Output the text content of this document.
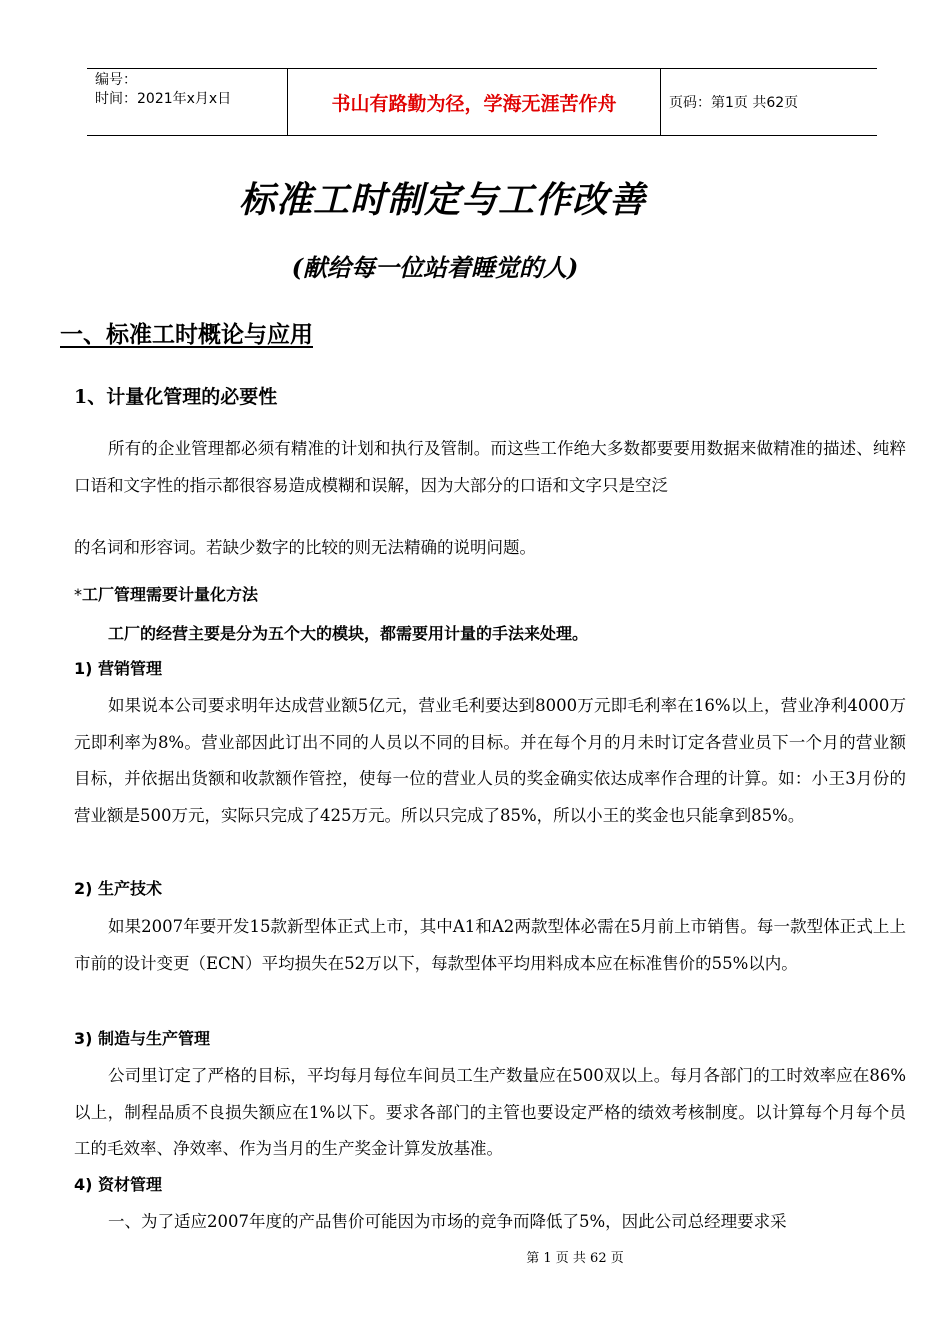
编号：
时间：2021年x月x日	书山有路勤为径，学海无涯苦作舟	页码：第1页 共62页
标准工时制定与工作改善
(献给每一位站着睡觉的人)
一、标准工时概论与应用
1、计量化管理的必要性
所有的企业管理都必须有精准的计划和执行及管制。而这些工作绝大多数都要要用数据来做精准的描述、纯粹口语和文字性的指示都很容易造成模糊和误解，因为大部分的口语和文字只是空泛
的名词和形容词。若缺少数字的比较的则无法精确的说明问题。
*工厂管理需要计量化方法
工厂的经营主要是分为五个大的模块，都需要用计量的手法来处理。
1) 营销管理
如果说本公司要求明年达成营业额5亿元，营业毛利要达到8000万元即毛利率在16%以上，营业净利4000万元即利率为8%。营业部因此订出不同的人员以不同的目标。并在每个月的月未时订定各营业员下一个月的营业额目标，并依据出货额和收款额作管控，使每一位的营业人员的奖金确实依达成率作合理的计算。如：小王3月份的营业额是500万元，实际只完成了425万元。所以只完成了85%，所以小王的奖金也只能拿到85%。
2) 生产技术
如果2007年要开发15款新型体正式上市，其中A1和A2两款型体必需在5月前上市销售。每一款型体正式上上市前的设计变更（ECN）平均损失在52万以下，每款型体平均用料成本应在标准售价的55%以内。
3) 制造与生产管理
公司里订定了严格的目标，平均每月每位车间员工生产数量应在500双以上。每月各部门的工时效率应在86%以上，制程品质不良损失额应在1%以下。要求各部门的主管也要设定严格的绩效考核制度。以计算每个月每个员工的毛效率、净效率、作为当月的生产奖金计算发放基准。
4) 资材管理
一、为了适应2007年度的产品售价可能因为市场的竞争而降低了5%，因此公司总经理要求采
第 1 页 共 62 页
